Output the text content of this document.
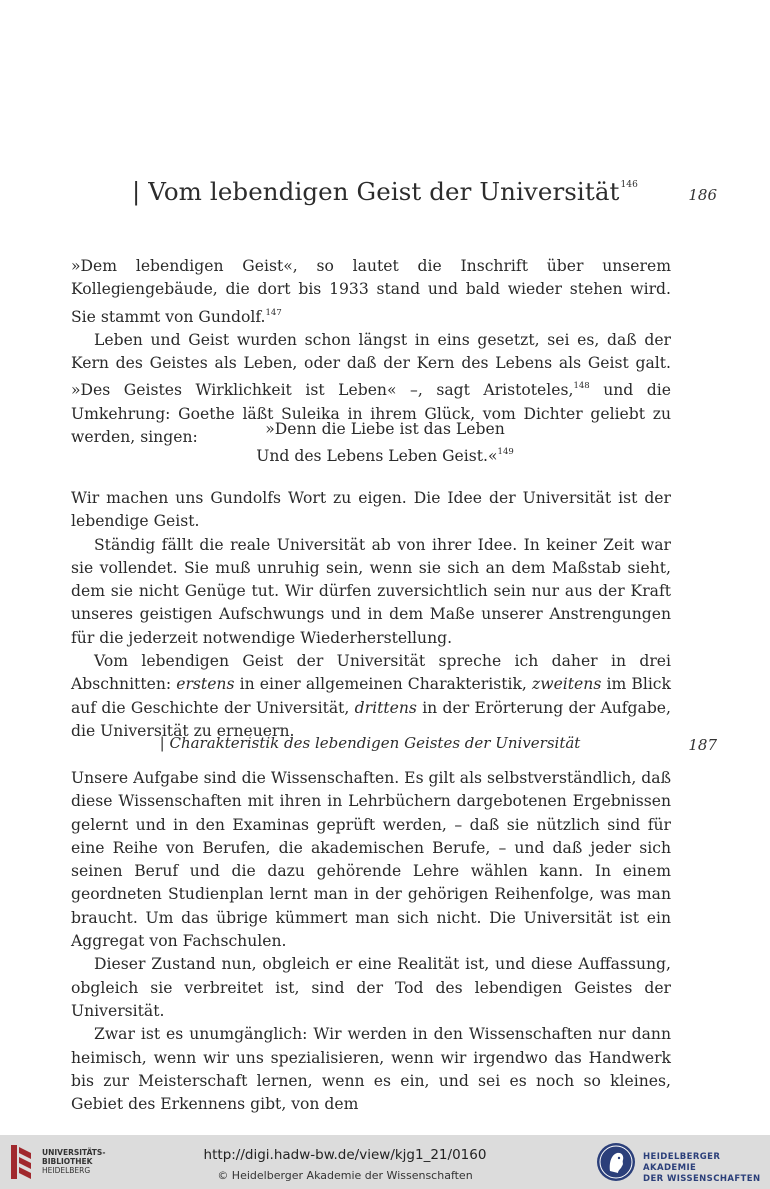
| Vom lebendigen Geist der Universität$^{146}$
186

»Dem lebendigen Geist«, so lautet die Inschrift über unserem Kollegiengebäude, die dort bis 1933 stand und bald wieder stehen wird. Sie stammt von Gundolf.$^{147}$

Leben und Geist wurden schon längst in eins gesetzt, sei es, daß der Kern des Geistes als Leben, oder daß der Kern des Lebens als Geist galt. »Des Geistes Wirklichkeit ist Leben« –, sagt Aristoteles,$^{148}$ und die Umkehrung: Goethe läßt Suleika in ihrem Glück, vom Dichter geliebt zu werden, singen:	»Denn die Liebe ist das Leben
Und des Lebens Leben Geist.«$^{149}$

Wir machen uns Gundolfs Wort zu eigen. Die Idee der Universität ist der lebendige Geist.

Ständig fällt die reale Universität ab von ihrer Idee. In keiner Zeit war sie vollendet. Sie muß unruhig sein, wenn sie sich an dem Maßstab sieht, dem sie nicht Genüge tut. Wir dürfen zuversichtlich sein nur aus der Kraft unseres geistigen Aufschwungs und in dem Maße unserer Anstrengungen für die jederzeit notwendige Wiederherstellung.

Vom lebendigen Geist der Universität spreche ich daher in drei Abschnitten: erstens in einer allgemeinen Charakteristik, zweitens im Blick auf die Geschichte der Universität, drittens in der Erörterung der Aufgabe, die Universität zu erneuern.

| Charakteristik des lebendigen Geistes der Universität	187

Unsere Aufgabe sind die Wissenschaften. Es gilt als selbstverständlich, daß diese Wissenschaften mit ihren in Lehrbüchern dargebotenen Ergebnissen gelernt und in den Examinas geprüft werden, – daß sie nützlich sind für eine Reihe von Berufen, die akademischen Berufe, – und daß jeder sich seinen Beruf und die dazu gehörende Lehre wählen kann. In einem geordneten Studienplan lernt man in der gehörigen Reihenfolge, was man braucht. Um das übrige kümmert man sich nicht. Die Universität ist ein Aggregat von Fachschulen.

Dieser Zustand nun, obgleich er eine Realität ist, und diese Auffassung, obgleich sie verbreitet ist, sind der Tod des lebendigen Geistes der Universität.

Zwar ist es unumgänglich: Wir werden in den Wissenschaften nur dann heimisch, wenn wir uns spezialisieren, wenn wir irgendwo das Handwerk bis zur Meisterschaft lernen, wenn es ein, und sei es noch so kleines, Gebiet des Erkennens gibt, von dem

UNIVERSITÄTS-
BIBLIOTHEK
HEIDELBERG
http://digi.hadw-bw.de/view/kjg1_21/0160
© Heidelberger Akademie der Wissenschaften
HEIDELBERGER AKADEMIE
DER WISSENSCHAFTEN
